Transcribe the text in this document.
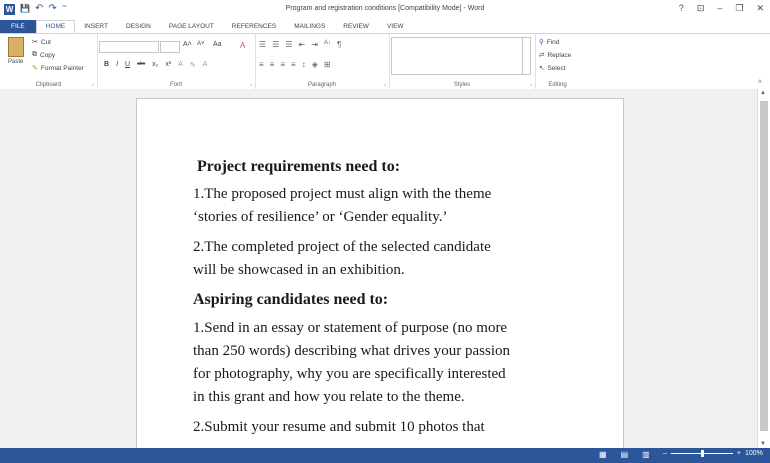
W 💾 ↶ ↷ ⁼	Program and registration conditions [Compatibility Mode] - Word	? ⊡ – ❐ ✕
FILE	HOME	INSERT	DESIGN	PAGE LAYOUT	REFERENCES	MAILINGS	REVIEW	VIEW
Paste
✂ Cut
⧉ Copy
✎ Format Painter
Clipboard	⌟
A˄ A˅ Aa A
B I U abc x₂ x² A ✎ A
Font	⌟
☰ ☰ ☰ ⇤ ⇥ A↓ ¶
≡ ≡ ≡ ≡ ↕ ◈ ⊞
Paragraph	⌟	Styles	⌟
⚲ Find
⇄ Replace
↖ Select
Editing	˄

Project requirements need to:

1.The proposed project must align with the theme

‘stories of resilience’ or ‘Gender equality.’

2.The completed project of the selected candidate

will be showcased in an exhibition.

Aspiring candidates need to:

1.Send in an essay or statement of purpose (no more

than 250 words) describing what drives your passion

for photography, why you are specifically interested

in this grant and how you relate to the theme.

2.Submit your resume and submit 10 photos that

▲
▼
▦ ▤ ▥ –	+ 100%
